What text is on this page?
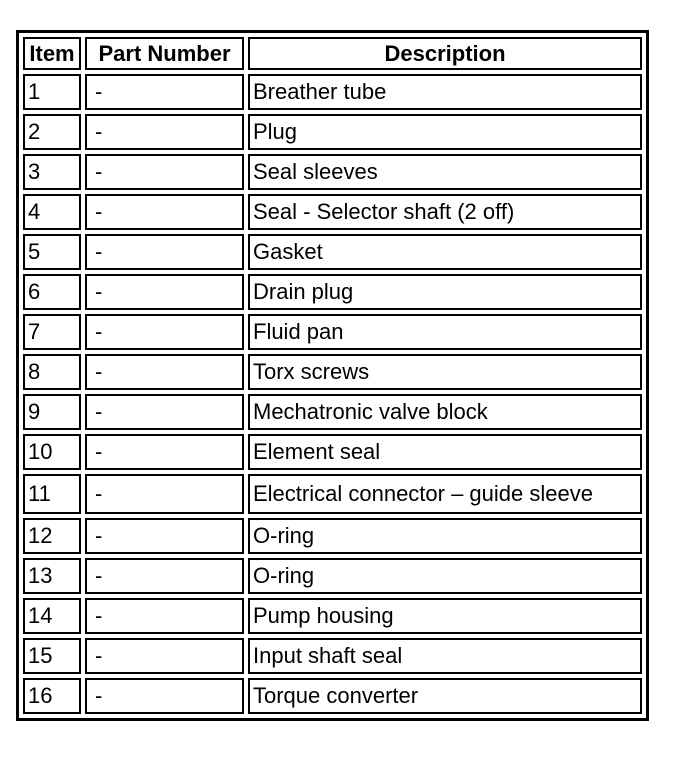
Item	Part Number	Description
1	-	Breather tube
2	-	Plug
3	-	Seal sleeves
4	-	Seal - Selector shaft (2 off)
5	-	Gasket
6	-	Drain plug
7	-	Fluid pan
8	-	Torx screws
9	-	Mechatronic valve block
10	-	Element seal
11	-	Electrical connector – guide sleeve
12	-	O-ring
13	-	O-ring
14	-	Pump housing
15	-	Input shaft seal
16	-	Torque converter
